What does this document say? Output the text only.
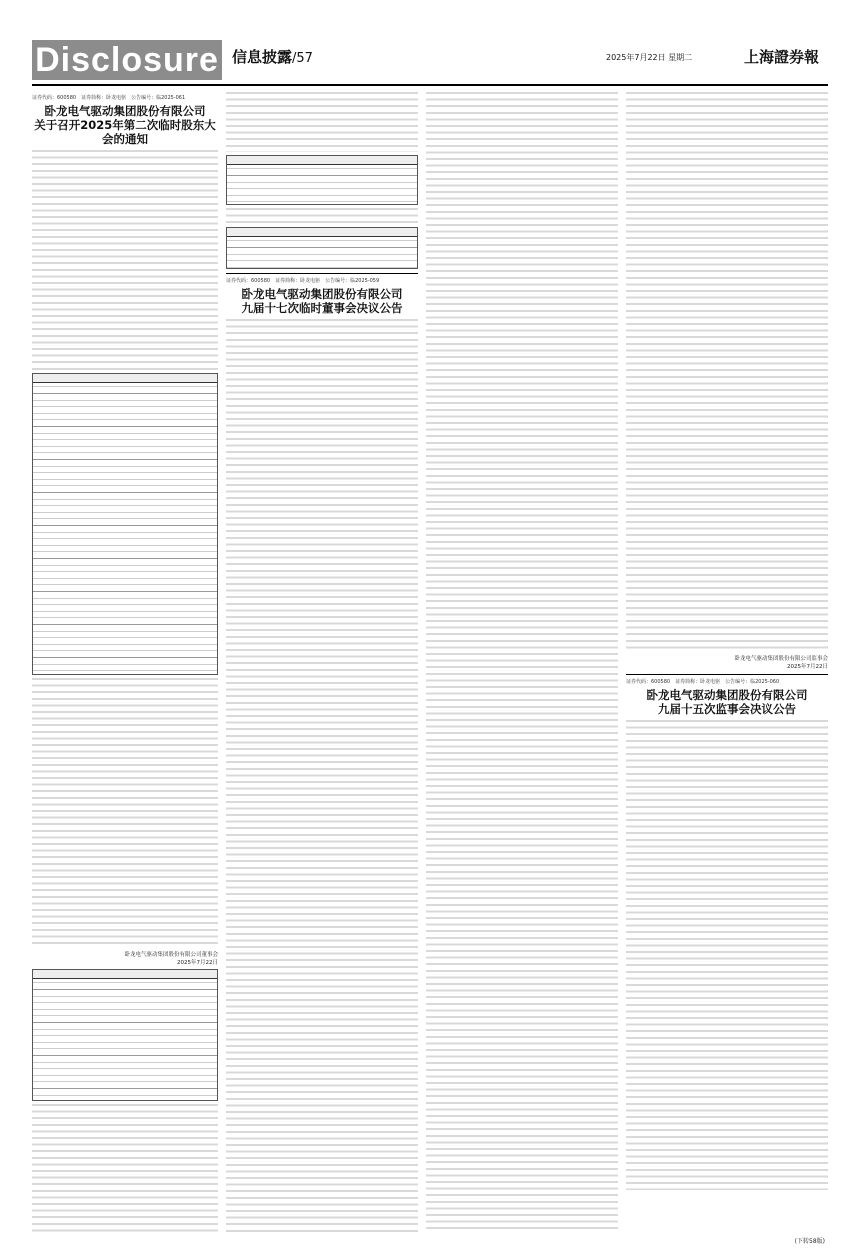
Disclosure 信息披露/57	2025年7月22日 星期二	上海證券報
证券代码：600580　证券简称：卧龙电驱　公告编号：临2025-061
卧龙电气驱动集团股份有限公司
关于召开2025年第二次临时股东大会的通知
卧龙电气驱动集团股份有限公司董事会
2025年7月22日
证券代码：600580　证券简称：卧龙电驱　公告编号：临2025-059
卧龙电气驱动集团股份有限公司
九届十七次临时董事会决议公告
卧龙电气驱动集团股份有限公司监事会
2025年7月22日
证券代码：600580　证券简称：卧龙电驱　公告编号：临2025-060
卧龙电气驱动集团股份有限公司
九届十五次监事会决议公告
(下转58版)
